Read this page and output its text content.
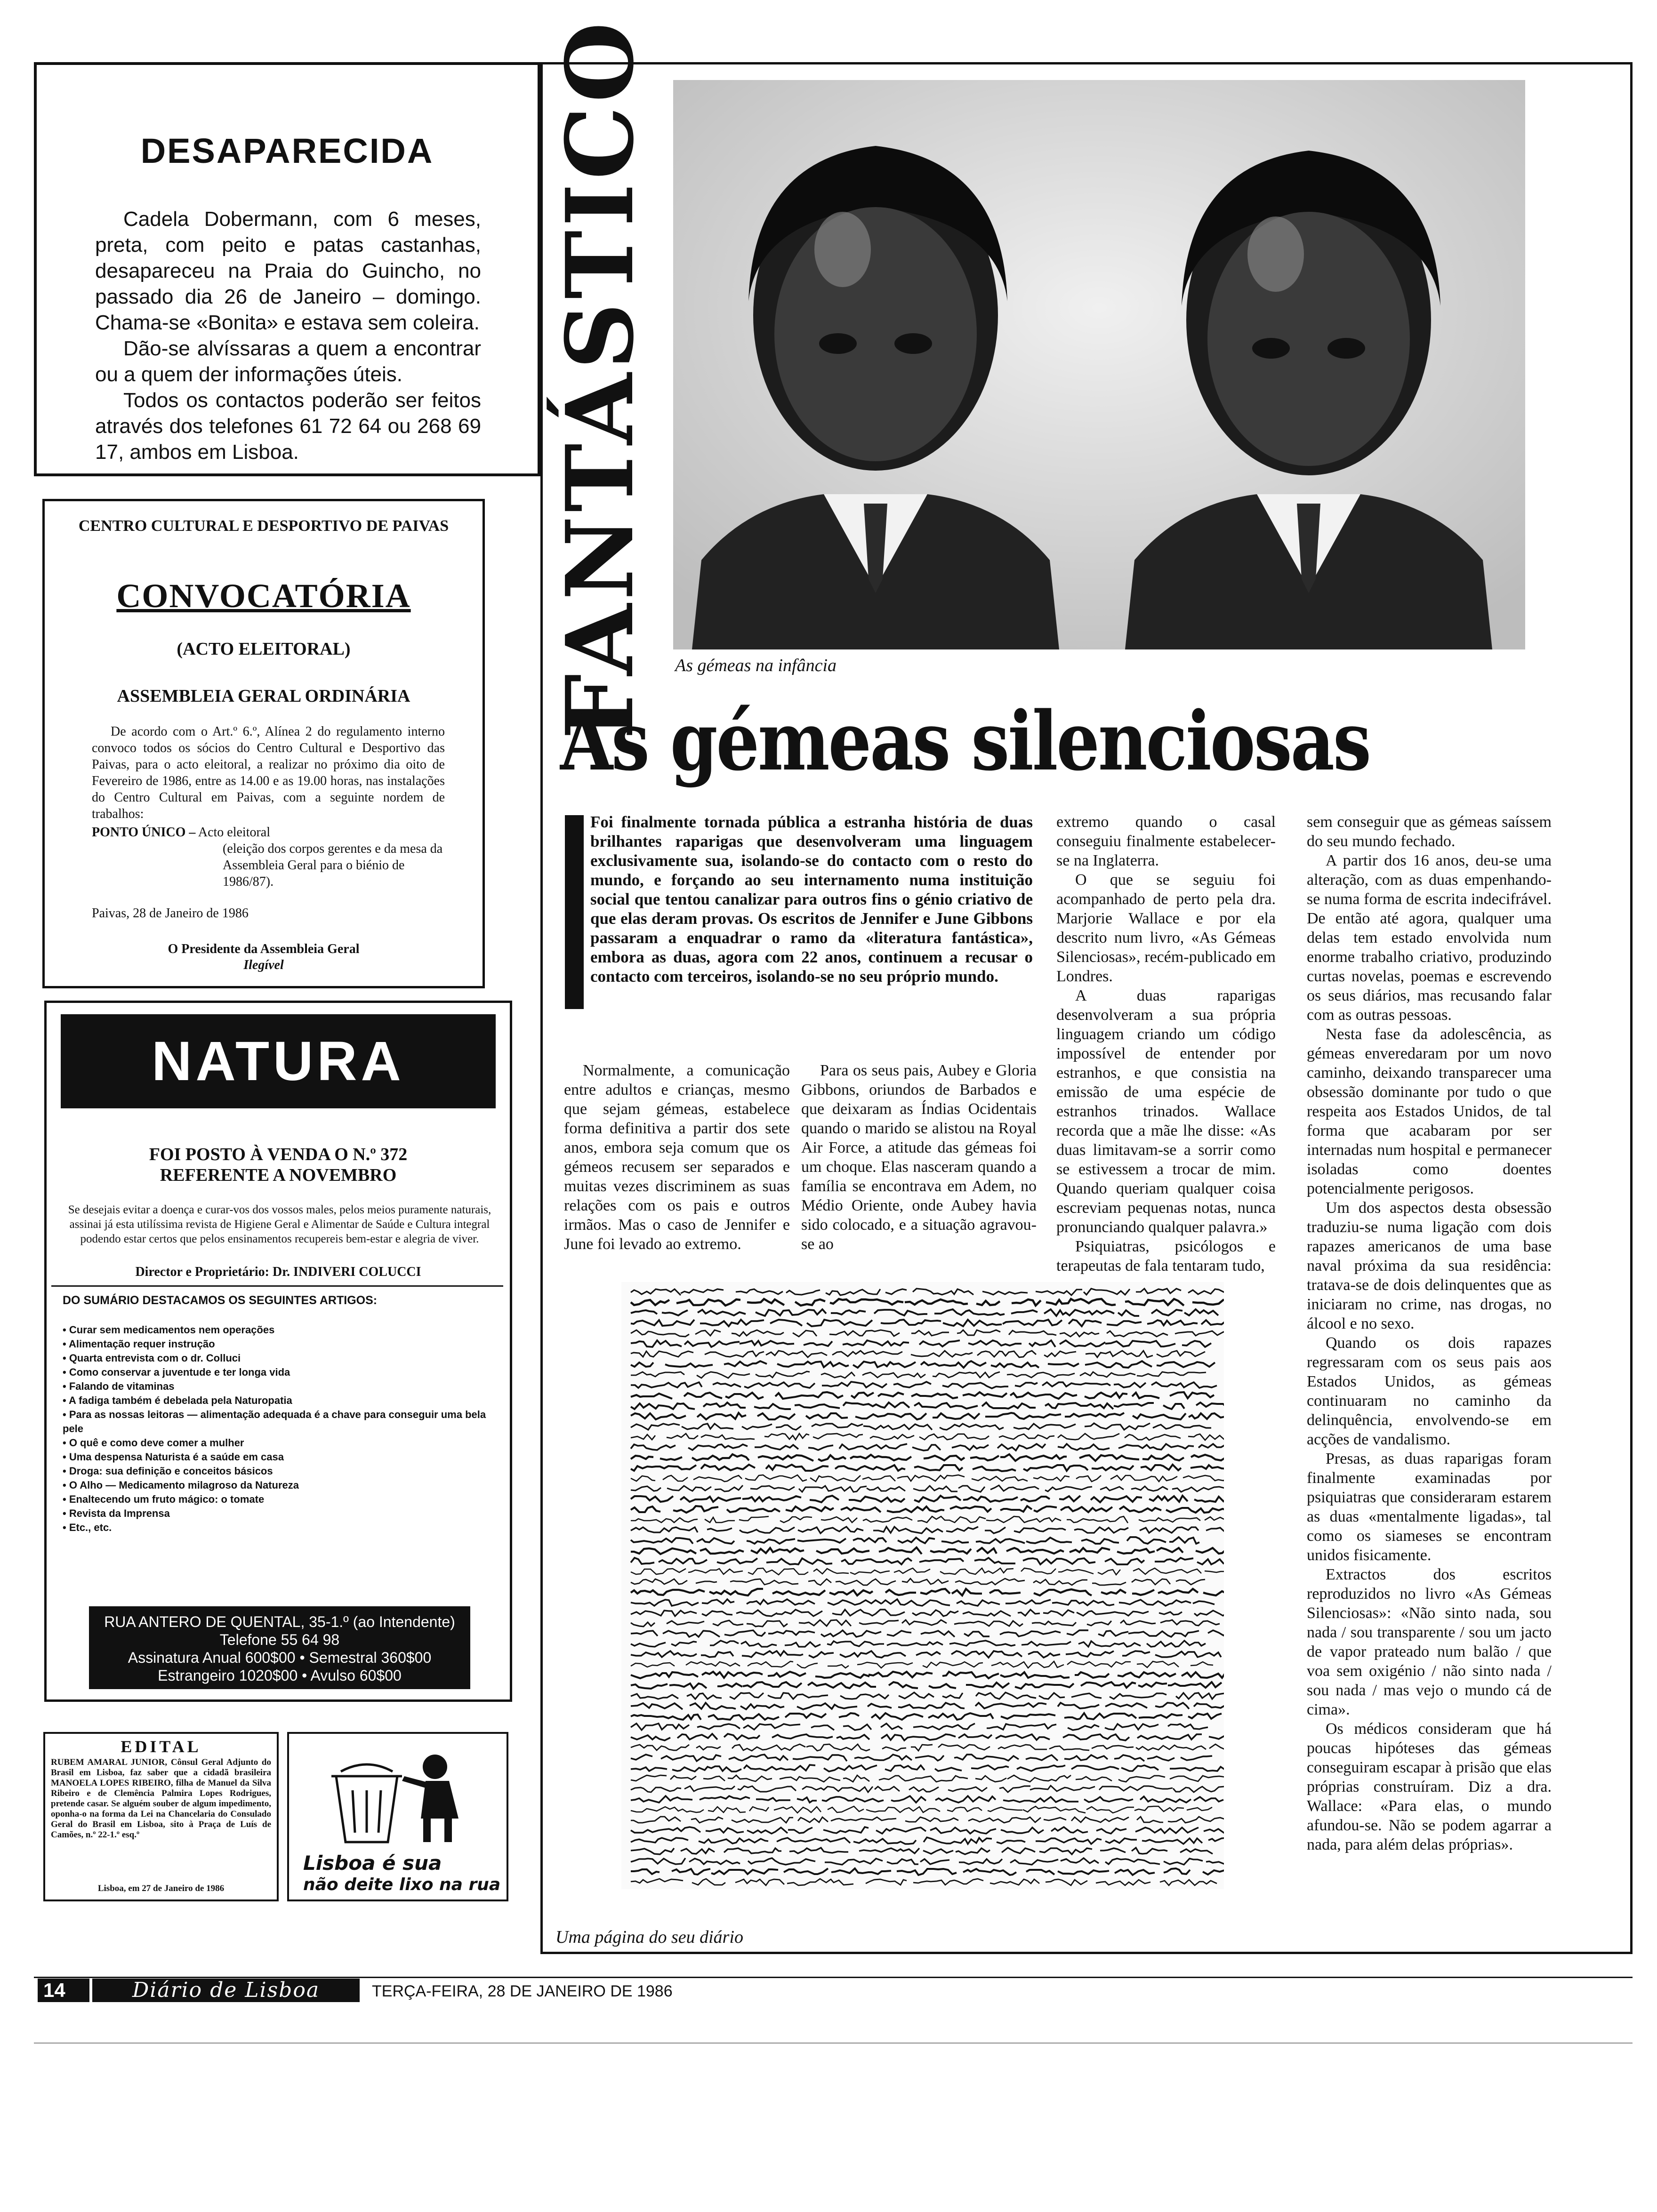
DESAPARECIDA

Cadela Dobermann, com 6 meses, preta, com peito e patas castanhas, desapareceu na Praia do Guincho, no passado dia 26 de Janeiro – domingo. Chama-se «Bonita» e estava sem coleira.

Dão-se alvíssaras a quem a encontrar ou a quem der informações úteis.

Todos os contactos poderão ser feitos através dos telefones 61 72 64 ou 268 69 17, ambos em Lisboa.

CENTRO CULTURAL E DESPORTIVO DE PAIVAS
CONVOCATÓRIA
(ACTO ELEITORAL)
ASSEMBLEIA GERAL ORDINÁRIA
De acordo com o Art.º 6.º, Alínea 2 do regulamento interno convoco todos os sócios do Centro Cultural e Desportivo das Paivas, para o acto eleitoral, a realizar no próximo dia oito de Fevereiro de 1986, entre as 14.00 e as 19.00 horas, nas instalações do Centro Cultural em Paivas, com a seguinte nordem de trabalhos:
PONTO ÚNICO – Acto eleitoral
(eleição dos corpos gerentes e da mesa da Assembleia Geral para o biénio de 1986/87).
Paivas, 28 de Janeiro de 1986
O Presidente da Assembleia Geral
Ilegível
NATURA
FOI POSTO À VENDA O N.º 372
REFERENTE A NOVEMBRO
Se desejais evitar a doença e curar-vos dos vossos males, pelos meios puramente naturais, assinai já esta utilíssima revista de Higiene Geral e Alimentar de Saúde e Cultura integral podendo estar certos que pelos ensinamentos recupereis bem-estar e alegria de viver.
Director e Proprietário: Dr. INDIVERI COLUCCI
DO SUMÁRIO DESTACAMOS OS SEGUINTES ARTIGOS:
• Curar sem medicamentos nem operações
• Alimentação requer instrução
• Quarta entrevista com o dr. Colluci
• Como conservar a juventude e ter longa vida
• Falando de vitaminas
• A fadiga também é debelada pela Naturopatia
• Para as nossas leitoras — alimentação adequada é a chave para conseguir uma bela pele
• O quê e como deve comer a mulher
• Uma despensa Naturista é a saúde em casa
• Droga: sua definição e conceitos básicos
• O Alho — Medicamento milagroso da Natureza
• Enaltecendo um fruto mágico: o tomate
• Revista da Imprensa
• Etc., etc.
RUA ANTERO DE QUENTAL, 35-1.º (ao Intendente)
Telefone 55 64 98
Assinatura Anual 600$00 • Semestral 360$00
Estrangeiro 1020$00 • Avulso 60$00
EDITAL
RUBEM AMARAL JUNIOR, Cônsul Geral Adjunto do Brasil em Lisboa, faz saber que a cidadã brasileira MANOELA LOPES RIBEIRO, filha de Manuel da Silva Ribeiro e de Clemência Palmira Lopes Rodrigues, pretende casar. Se alguém souber de algum impedimento, oponha-o na forma da Lei na Chancelaria do Consulado Geral do Brasil em Lisboa, sito à Praça de Luís de Camões, n.º 22-1.º esq.º
Lisboa, em 27 de Janeiro de 1986
Lisboa é sua
não deite lixo na rua
FANTÁSTICO As gémeas na infância
As gémeas silenciosas
Foi finalmente tornada pública a estranha história de duas brilhantes raparigas que desenvolveram uma linguagem exclusivamente sua, isolando-se do contacto com o resto do mundo, e forçando ao seu internamento numa instituição social que tentou canalizar para outros fins o génio criativo de que elas deram provas. Os escritos de Jennifer e June Gibbons passaram a enquadrar o ramo da «literatura fantástica», embora as duas, agora com 22 anos, continuem a recusar o contacto com terceiros, isolando-se no seu próprio mundo.

Normalmente, a comunicação entre adultos e crianças, mesmo que sejam gémeas, estabelece forma definitiva a partir dos sete anos, embora seja comum que os gémeos recusem ser separados e muitas vezes discriminem as suas relações com os pais e outros irmãos. Mas o caso de Jennifer e June foi levado ao extremo.

Para os seus pais, Aubey e Gloria Gibbons, oriundos de Barbados e que deixaram as Índias Ocidentais quando o marido se alistou na Royal Air Force, a atitude das gémeas foi um choque. Elas nasceram quando a família se encontrava em Adem, no Médio Oriente, onde Aubey havia sido colocado, e a situação agravou-se ao

extremo quando o casal conseguiu finalmente estabelecer-se na Inglaterra.

O que se seguiu foi acompanhado de perto pela dra. Marjorie Wallace e por ela descrito num livro, «As Gémeas Silenciosas», recém-publicado em Londres.

A duas raparigas desenvolveram a sua própria linguagem criando um código impossível de entender por estranhos, e que consistia na emissão de uma espécie de estranhos trinados. Wallace recorda que a mãe lhe disse: «As duas limitavam-se a sorrir como se estivessem a trocar de mim. Quando queriam qualquer coisa escreviam pequenas notas, nunca pronunciando qualquer palavra.»

Psiquiatras, psicólogos e terapeutas de fala tentaram tudo,

sem conseguir que as gémeas saíssem do seu mundo fechado.

A partir dos 16 anos, deu-se uma alteração, com as duas empenhando-se numa forma de escrita indecifrável. De então até agora, qualquer uma delas tem estado envolvida num enorme trabalho criativo, produzindo curtas novelas, poemas e escrevendo os seus diários, mas recusando falar com as outras pessoas.

Nesta fase da adolescência, as gémeas enveredaram por um novo caminho, deixando transparecer uma obsessão dominante por tudo o que respeita aos Estados Unidos, de tal forma que acabaram por ser internadas num hospital e permanecer isoladas como doentes potencialmente perigosos.

Um dos aspectos desta obsessão traduziu-se numa ligação com dois rapazes americanos de uma base naval próxima da sua residência: tratava-se de dois delinquentes que as iniciaram no crime, nas drogas, no álcool e no sexo.

Quando os dois rapazes regressaram com os seus pais aos Estados Unidos, as gémeas continuaram no caminho da delinquência, envolvendo-se em acções de vandalismo.

Presas, as duas raparigas foram finalmente examinadas por psiquiatras que consideraram estarem as duas «mentalmente ligadas», tal como os siameses se encontram unidos fisicamente.

Extractos dos escritos reproduzidos no livro «As Gémeas Silenciosas»: «Não sinto nada, sou nada / sou transparente / sou um jacto de vapor prateado num balão / que voa sem oxigénio / não sinto nada / sou nada / mas vejo o mundo cá de cima».

Os médicos consideram que há poucas hipóteses das gémeas conseguiram escapar à prisão que elas próprias construíram. Diz a dra. Wallace: «Para elas, o mundo afundou-se. Não se podem agarrar a nada, para além delas próprias».

Uma página do seu diário
14	Diário de Lisboa	TERÇA-FEIRA, 28 DE JANEIRO DE 1986
